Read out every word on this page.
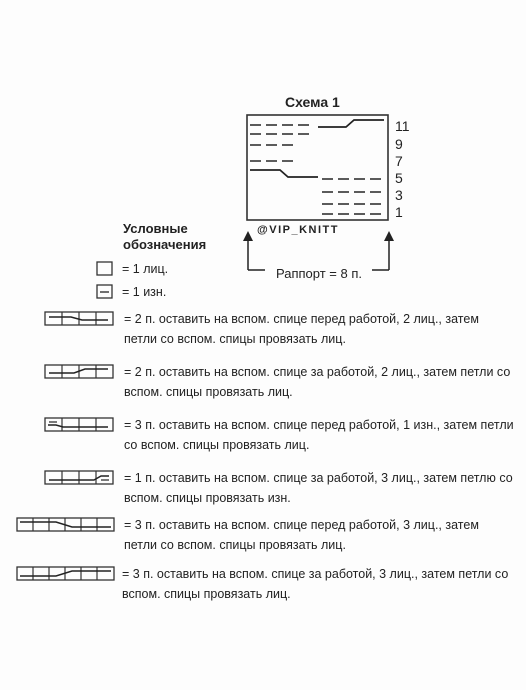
Схема 1
11
9
7
5
3
1
@VIP_KNITT
Раппорт = 8 п.
Условные
обозначения
= 1 лиц.
= 1 изн.
= 2 п. оставить на вспом. спице перед работой, 2 лиц., затем петли со вспом. спицы провязать лиц.
= 2 п. оставить на вспом. спице за работой, 2 лиц., затем петли со вспом. спицы провязать лиц.
= 3 п. оставить на вспом. спице перед работой, 1 изн., затем петли со вспом. спицы провязать лиц.
= 1 п. оставить на вспом. спице за работой, 3 лиц., затем петлю со вспом. спицы провязать изн.
= 3 п. оставить на вспом. спице перед работой, 3 лиц., затем петли со вспом. спицы провязать лиц.
= 3 п. оставить на вспом. спице за работой, 3 лиц., затем петли со вспом. спицы провязать лиц.
